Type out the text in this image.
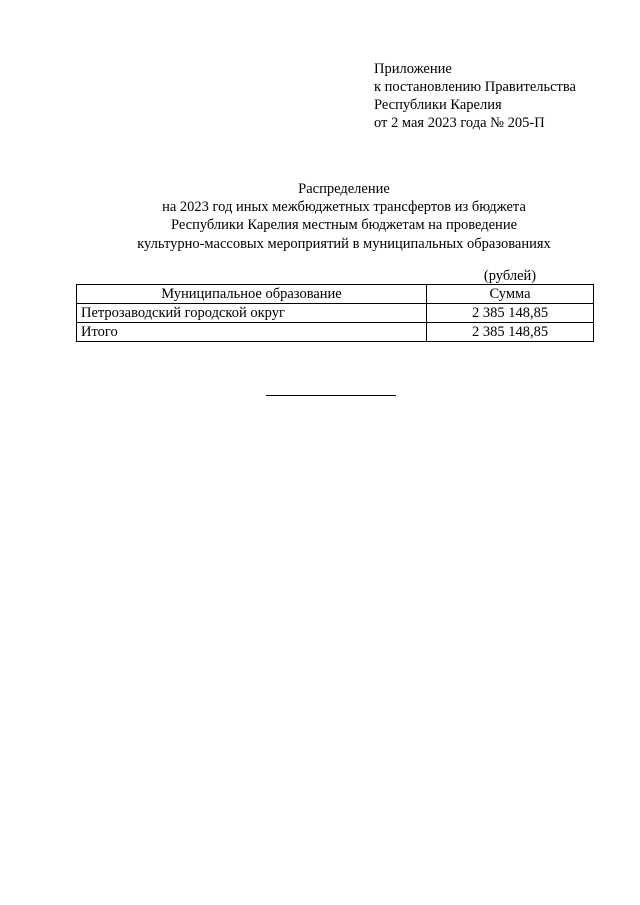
Приложение
к постановлению Правительства
Республики Карелия
от 2 мая 2023 года № 205-П
Распределение
на 2023 год иных межбюджетных трансфертов из бюджета
Республики Карелия местным бюджетам на проведение
культурно-массовых мероприятий в муниципальных образованиях
(рублей)
Муниципальное образование	Сумма
Петрозаводский городской округ	2 385 148,85
Итого	2 385 148,85
